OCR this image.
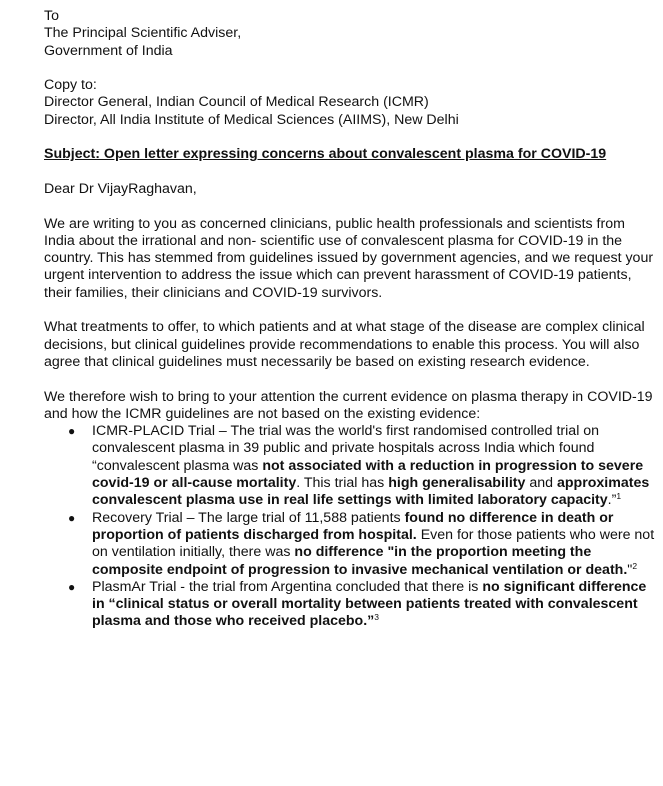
To

The Principal Scientific Adviser,

Government of India

Copy to:

Director General, Indian Council of Medical Research (ICMR)

Director, All India Institute of Medical Sciences (AIIMS), New Delhi

Subject: Open letter expressing concerns about convalescent plasma for COVID-19

Dear Dr VijayRaghavan,

We are writing to you as concerned clinicians, public health professionals and scientists from India about the irrational and non- scientific use of convalescent plasma for COVID-19 in the country. This has stemmed from guidelines issued by government agencies, and we request your urgent intervention to address the issue which can prevent harassment of COVID-19 patients, their families, their clinicians and COVID-19 survivors.

What treatments to offer, to which patients and at what stage of the disease are complex clinical decisions, but clinical guidelines provide recommendations to enable this process. You will also agree that clinical guidelines must necessarily be based on existing research evidence.

We therefore wish to bring to your attention the current evidence on plasma therapy in COVID-19 and how the ICMR guidelines are not based on the existing evidence:

● ICMR-PLACID Trial – The trial was the world's first randomised controlled trial on convalescent plasma in 39 public and private hospitals across India which found “convalescent plasma was not associated with a reduction in progression to severe covid-19 or all-cause mortality. This trial has high generalisability and approximates convalescent plasma use in real life settings with limited laboratory capacity.”$^1$
● Recovery Trial – The large trial of 11,588 patients found no difference in death or proportion of patients discharged from hospital. Even for those patients who were not on ventilation initially, there was no difference "in the proportion meeting the composite endpoint of progression to invasive mechanical ventilation or death."$^2$
● PlasmAr Trial - the trial from Argentina concluded that there is no significant difference in “clinical status or overall mortality between patients treated with convalescent plasma and those who received placebo.”$^3$
